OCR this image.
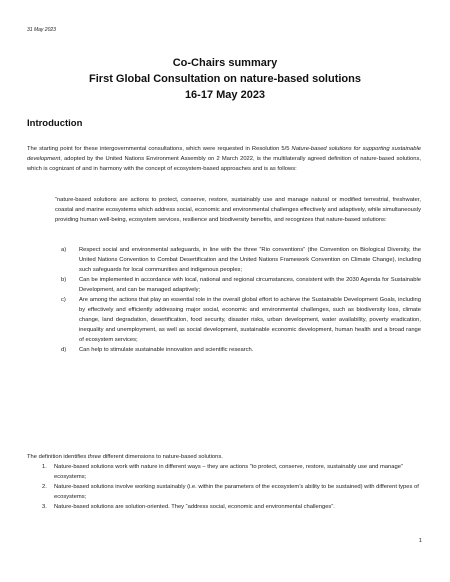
31 May 2023
Co-Chairs summary
First Global Consultation on nature-based solutions
16-17 May 2023
Introduction

The starting point for these intergovernmental consultations, which were requested in Resolution 5/5 Nature-based solutions for supporting sustainable development, adopted by the United Nations Environment Assembly on 2 March 2022, is the multilaterally agreed definition of nature-based solutions, which is cognizant of and in harmony with the concept of ecosystem-based approaches and is as follows:

“nature-based solutions are actions to protect, conserve, restore, sustainably use and manage natural or modified terrestrial, freshwater, coastal and marine ecosystems which address social, economic and environmental challenges effectively and adaptively, while simultaneously providing human well-being, ecosystem services, resilience and biodiversity benefits, and recognizes that nature-based solutions:

a) Respect social and environmental safeguards, in line with the three “Rio conventions” (the Convention on Biological Diversity, the United Nations Convention to Combat Desertification and the United Nations Framework Convention on Climate Change), including such safeguards for local communities and indigenous peoples;
b) Can be implemented in accordance with local, national and regional circumstances, consistent with the 2030 Agenda for Sustainable Development, and can be managed adaptively;
c) Are among the actions that play an essential role in the overall global effort to achieve the Sustainable Development Goals, including by effectively and efficiently addressing major social, economic and environmental challenges, such as biodiversity loss, climate change, land degradation, desertification, food security, disaster risks, urban development, water availability, poverty eradication, inequality and unemployment, as well as social development, sustainable economic development, human health and a broad range of ecosystem services;
d) Can help to stimulate sustainable innovation and scientific research.

The definition identifies three different dimensions to nature-based solutions.

1. Nature-based solutions work with nature in different ways – they are actions “to protect, conserve, restore, sustainably use and manage” ecosystems;
2. Nature-based solutions involve working sustainably (i.e. within the parameters of the ecosystem’s ability to be sustained) with different types of ecosystems;
3. Nature-based solutions are solution-oriented. They “address social, economic and environmental challenges”.
1
